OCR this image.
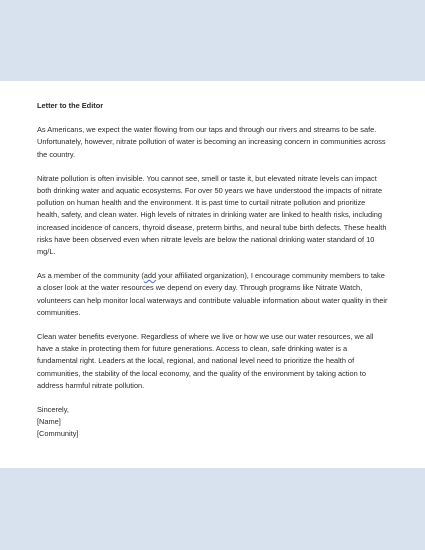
Letter to the Editor

As Americans, we expect the water flowing from our taps and through our rivers and streams to be safe. Unfortunately, however, nitrate pollution of water is becoming an increasing concern in communities across the country.

Nitrate pollution is often invisible. You cannot see, smell or taste it, but elevated nitrate levels can impact both drinking water and aquatic ecosystems. For over 50 years we have understood the impacts of nitrate pollution on human health and the environment. It is past time to curtail nitrate pollution and prioritize health, safety, and clean water. High levels of nitrates in drinking water are linked to health risks, including increased incidence of cancers, thyroid disease, preterm births, and neural tube birth defects. These health risks have been observed even when nitrate levels are below the national drinking water standard of 10 mg/L.

As a member of the community (add your affiliated organization), I encourage community members to take a closer look at the water resources we depend on every day. Through programs like Nitrate Watch, volunteers can help monitor local waterways and contribute valuable information about water quality in their communities.

Clean water benefits everyone. Regardless of where we live or how we use our water resources, we all have a stake in protecting them for future generations. Access to clean, safe drinking water is a fundamental right. Leaders at the local, regional, and national level need to prioritize the health of communities, the stability of the local economy, and the quality of the environment by taking action to address harmful nitrate pollution.

Sincerely,
[Name]
[Community]
